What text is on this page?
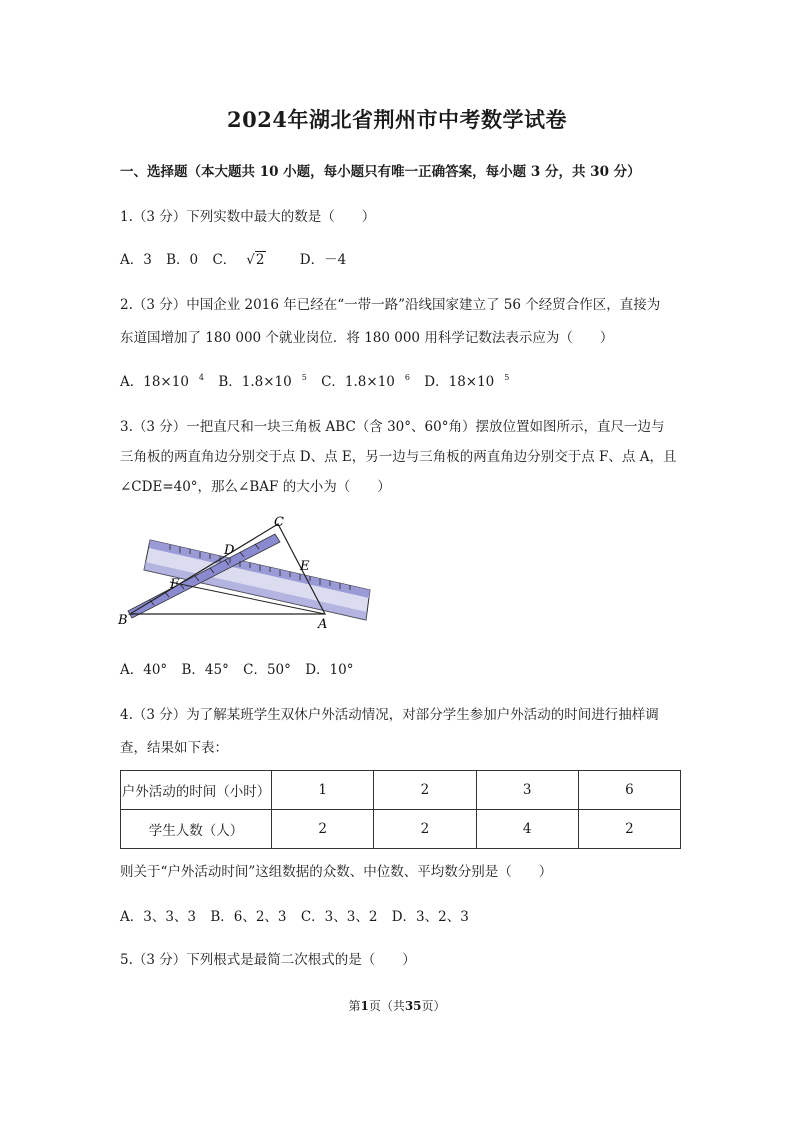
2024年湖北省荆州市中考数学试卷
一、选择题（本大题共 10 小题，每小题只有唯一正确答案，每小题 3 分，共 30 分）
1.（3 分）下列实数中最大的数是（　　）
A．3 B．0 C． √2	D．－4
2.（3 分）中国企业 2016 年已经在“一带一路”沿线国家建立了 56 个经贸合作区，直接为
东道国增加了 180 000 个就业岗位．将 180 000 用科学记数法表示应为（　　）
A．18×10 $^4$ B．1.8×10 $^5$ C．1.8×10 $^6$ D．18×10 $^5$
3.（3 分）一把直尺和一块三角板 ABC（含 30°、60°角）摆放位置如图所示，直尺一边与
三角板的两直角边分别交于点 D、点 E，另一边与三角板的两直角边分别交于点 F、点 A，且
∠CDE=40°，那么∠BAF 的大小为（　　）
C
D
E
F
B	A
A．40° B．45° C．50° D．10°
4.（3 分）为了解某班学生双休户外活动情况，对部分学生参加户外活动的时间进行抽样调
查，结果如下表：
户外活动的时间（小时）	1	2	3	6
学生人数（人）	2	2	4	2
则关于“户外活动时间”这组数据的众数、中位数、平均数分别是（　　）
A．3、3、3 B．6、2、3 C．3、3、2 D．3、2、3
5.（3 分）下列根式是最简二次根式的是（　　）
第1页（共35页）
